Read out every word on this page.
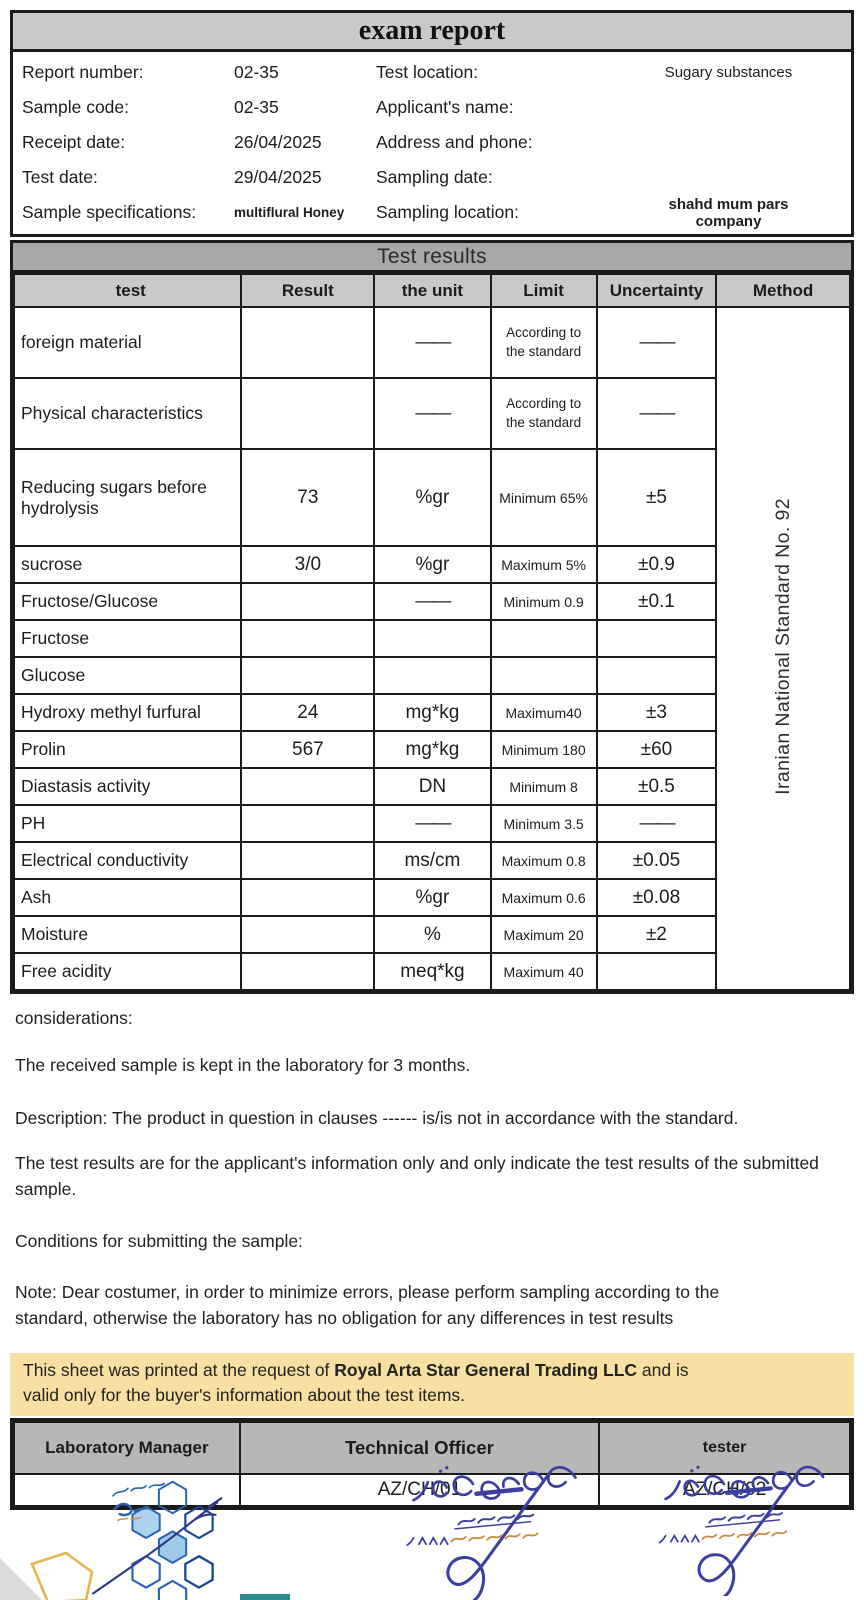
exam report
Report number:	02-35	Test location:	Sugary substances
Sample code:	02-35	Applicant's name:
Receipt date:	26/04/2025	Address and phone:
Test date:	29/04/2025	Sampling date:
Sample specifications:	multiflural Honey	Sampling location:	shahd mum pars company
Test results
test	Result	the unit	Limit	Uncertainty	Method
foreign material		——	According to the standard	——	Iranian National Standard No. 92
Physical characteristics		——	According to the standard	——	
Reducing sugars before hydrolysis	73	%gr	Minimum 65%	±5	
sucrose	3/0	%gr	Maximum 5%	±0.9	
Fructose/Glucose		——	Minimum 0.9	±0.1	
Fructose					
Glucose					
Hydroxy methyl furfural	24	mg*kg	Maximum40	±3	
Prolin	567	mg*kg	Minimum 180	±60	
Diastasis activity		DN	Minimum 8	±0.5	
PH		——	Minimum 3.5	——	
Electrical conductivity		ms/cm	Maximum 0.8	±0.05	
Ash		%gr	Maximum 0.6	±0.08	
Moisture		%	Maximum 20	±2	
Free acidity		meq*kg	Maximum 40		

considerations:

The received sample is kept in the laboratory for 3 months.

Description: The product in question in clauses ------ is/is not in accordance with the standard.

The test results are for the applicant's information only and only indicate the test results of the submitted sample.

Conditions for submitting the sample:

Note: Dear costumer, in order to minimize errors, please perform sampling according to the standard, otherwise the laboratory has no obligation for any differences in test results

This sheet was printed at the request of Royal Arta Star General Trading LLC and is
valid only for the buyer's information about the test items.

Laboratory Manager	Technical Officer	tester
	AZ/CH/01	AZ/CH/02
